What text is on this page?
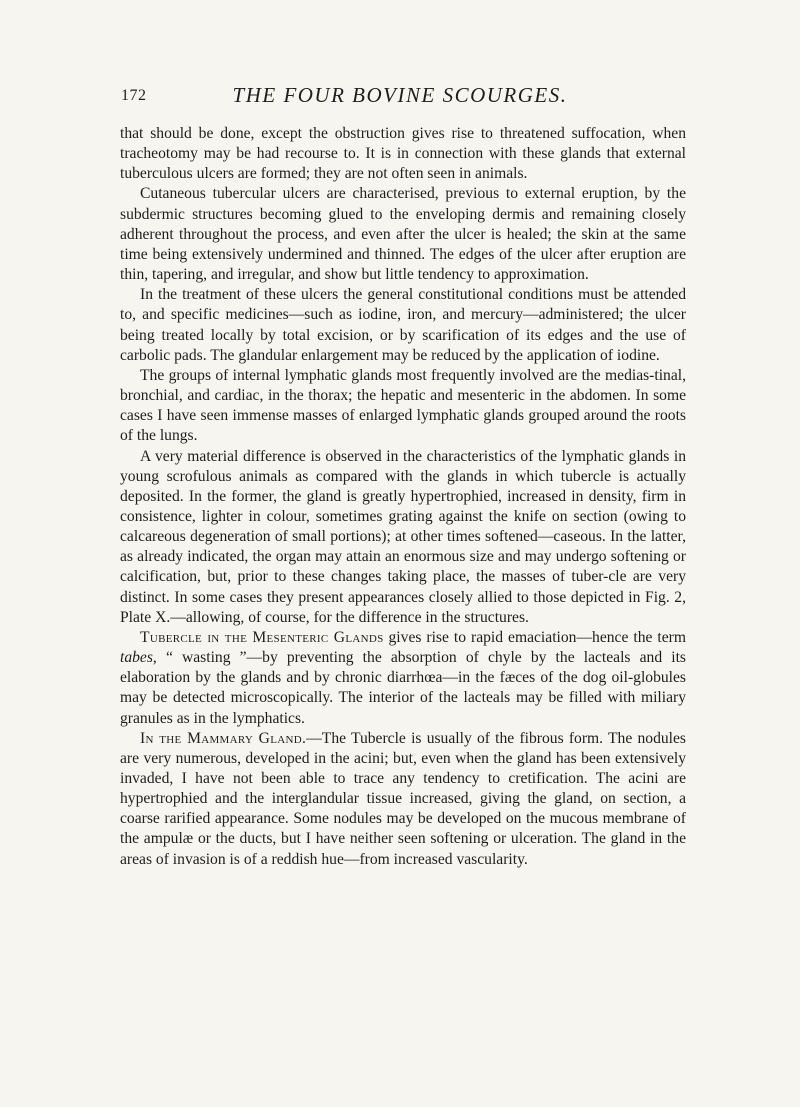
172	THE FOUR BOVINE SCOURGES.

that should be done, except the obstruction gives rise to threatened suffocation, when tracheotomy may be had recourse to. It is in connection with these glands that external tuberculous ulcers are formed; they are not often seen in animals.

Cutaneous tubercular ulcers are characterised, previous to external eruption, by the subdermic structures becoming glued to the enveloping dermis and remaining closely adherent throughout the process, and even after the ulcer is healed; the skin at the same time being extensively undermined and thinned. The edges of the ulcer after eruption are thin, tapering, and irregular, and show but little tendency to approximation.

In the treatment of these ulcers the general constitutional conditions must be attended to, and specific medicines—such as iodine, iron, and mercury—administered; the ulcer being treated locally by total excision, or by scarification of its edges and the use of carbolic pads. The glandular enlargement may be reduced by the application of iodine.

The groups of internal lymphatic glands most frequently involved are the medias-tinal, bronchial, and cardiac, in the thorax; the hepatic and mesenteric in the abdomen. In some cases I have seen immense masses of enlarged lymphatic glands grouped around the roots of the lungs.

A very material difference is observed in the characteristics of the lymphatic glands in young scrofulous animals as compared with the glands in which tubercle is actually deposited. In the former, the gland is greatly hypertrophied, increased in density, firm in consistence, lighter in colour, sometimes grating against the knife on section (owing to calcareous degeneration of small portions); at other times softened—caseous. In the latter, as already indicated, the organ may attain an enormous size and may undergo softening or calcification, but, prior to these changes taking place, the masses of tuber-cle are very distinct. In some cases they present appearances closely allied to those depicted in Fig. 2, Plate X.—allowing, of course, for the difference in the structures.

Tubercle in the Mesenteric Glands gives rise to rapid emaciation—hence the term tabes, “ wasting ”—by preventing the absorption of chyle by the lacteals and its elaboration by the glands and by chronic diarrhœa—in the fæces of the dog oil-globules may be detected microscopically. The interior of the lacteals may be filled with miliary granules as in the lymphatics.

In the Mammary Gland.—The Tubercle is usually of the fibrous form. The nodules are very numerous, developed in the acini; but, even when the gland has been extensively invaded, I have not been able to trace any tendency to cretification. The acini are hypertrophied and the interglandular tissue increased, giving the gland, on section, a coarse rarified appearance. Some nodules may be developed on the mucous membrane of the ampulæ or the ducts, but I have neither seen softening or ulceration. The gland in the areas of invasion is of a reddish hue—from increased vascularity.
